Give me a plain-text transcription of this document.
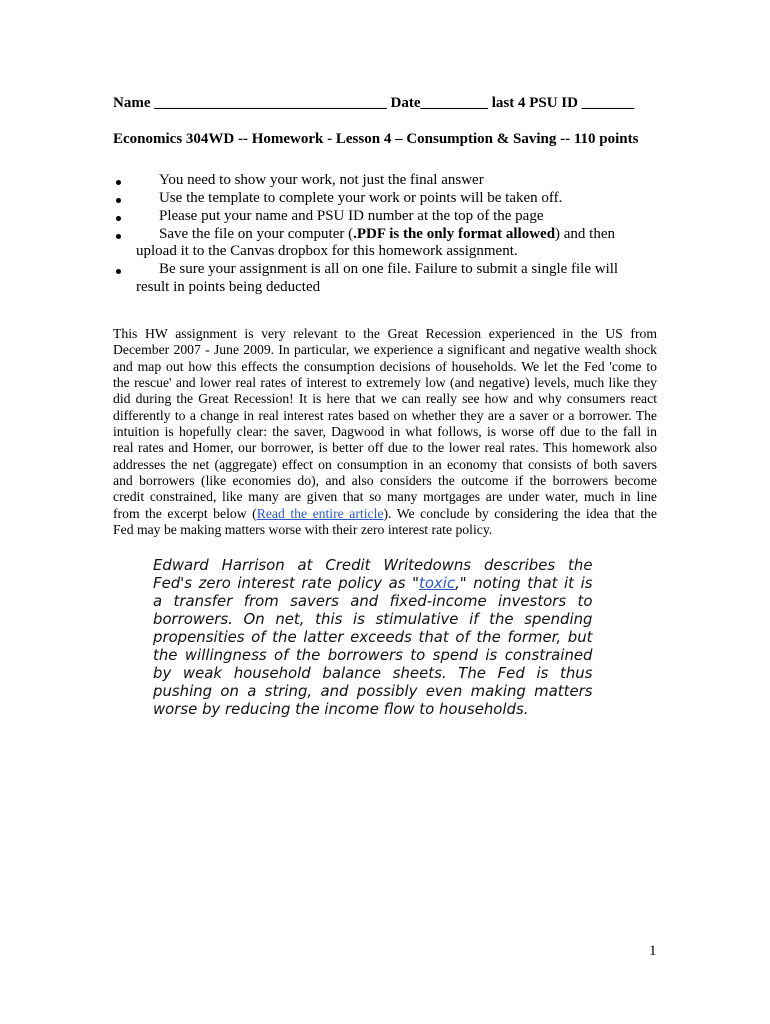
Name _______________________________ Date_________ last 4 PSU ID _______
Economics 304WD -- Homework - Lesson 4 – Consumption & Saving -- 110 points
You need to show your work, not just the final answer
Use the template to complete your work or points will be taken off.
Please put your name and PSU ID number at the top of the page
Save the file on your computer (.PDF is the only format allowed) and then
upload it to the Canvas dropbox for this homework assignment.
Be sure your assignment is all on one file. Failure to submit a single file will
result in points being deducted
This HW assignment is very relevant to the Great Recession experienced in the US from
December 2007 - June 2009. In particular, we experience a significant and negative wealth shock
and map out how this effects the consumption decisions of households. We let the Fed 'come to
the rescue' and lower real rates of interest to extremely low (and negative) levels, much like they
did during the Great Recession! It is here that we can really see how and why consumers react
differently to a change in real interest rates based on whether they are a saver or a borrower. The
intuition is hopefully clear: the saver, Dagwood in what follows, is worse off due to the fall in
real rates and Homer, our borrower, is better off due to the lower real rates. This homework also
addresses the net (aggregate) effect on consumption in an economy that consists of both savers
and borrowers (like economies do), and also considers the outcome if the borrowers become
credit constrained, like many are given that so many mortgages are under water, much in line
from the excerpt below (Read the entire article). We conclude by considering the idea that the
Fed may be making matters worse with their zero interest rate policy.
Edward Harrison at Credit Writedowns describes the
Fed's zero interest rate policy as "toxic," noting that it is
a transfer from savers and fixed-income investors to
borrowers. On net, this is stimulative if the spending
propensities of the latter exceeds that of the former, but
the willingness of the borrowers to spend is constrained
by weak household balance sheets. The Fed is thus
pushing on a string, and possibly even making matters
worse by reducing the income flow to households.
1
